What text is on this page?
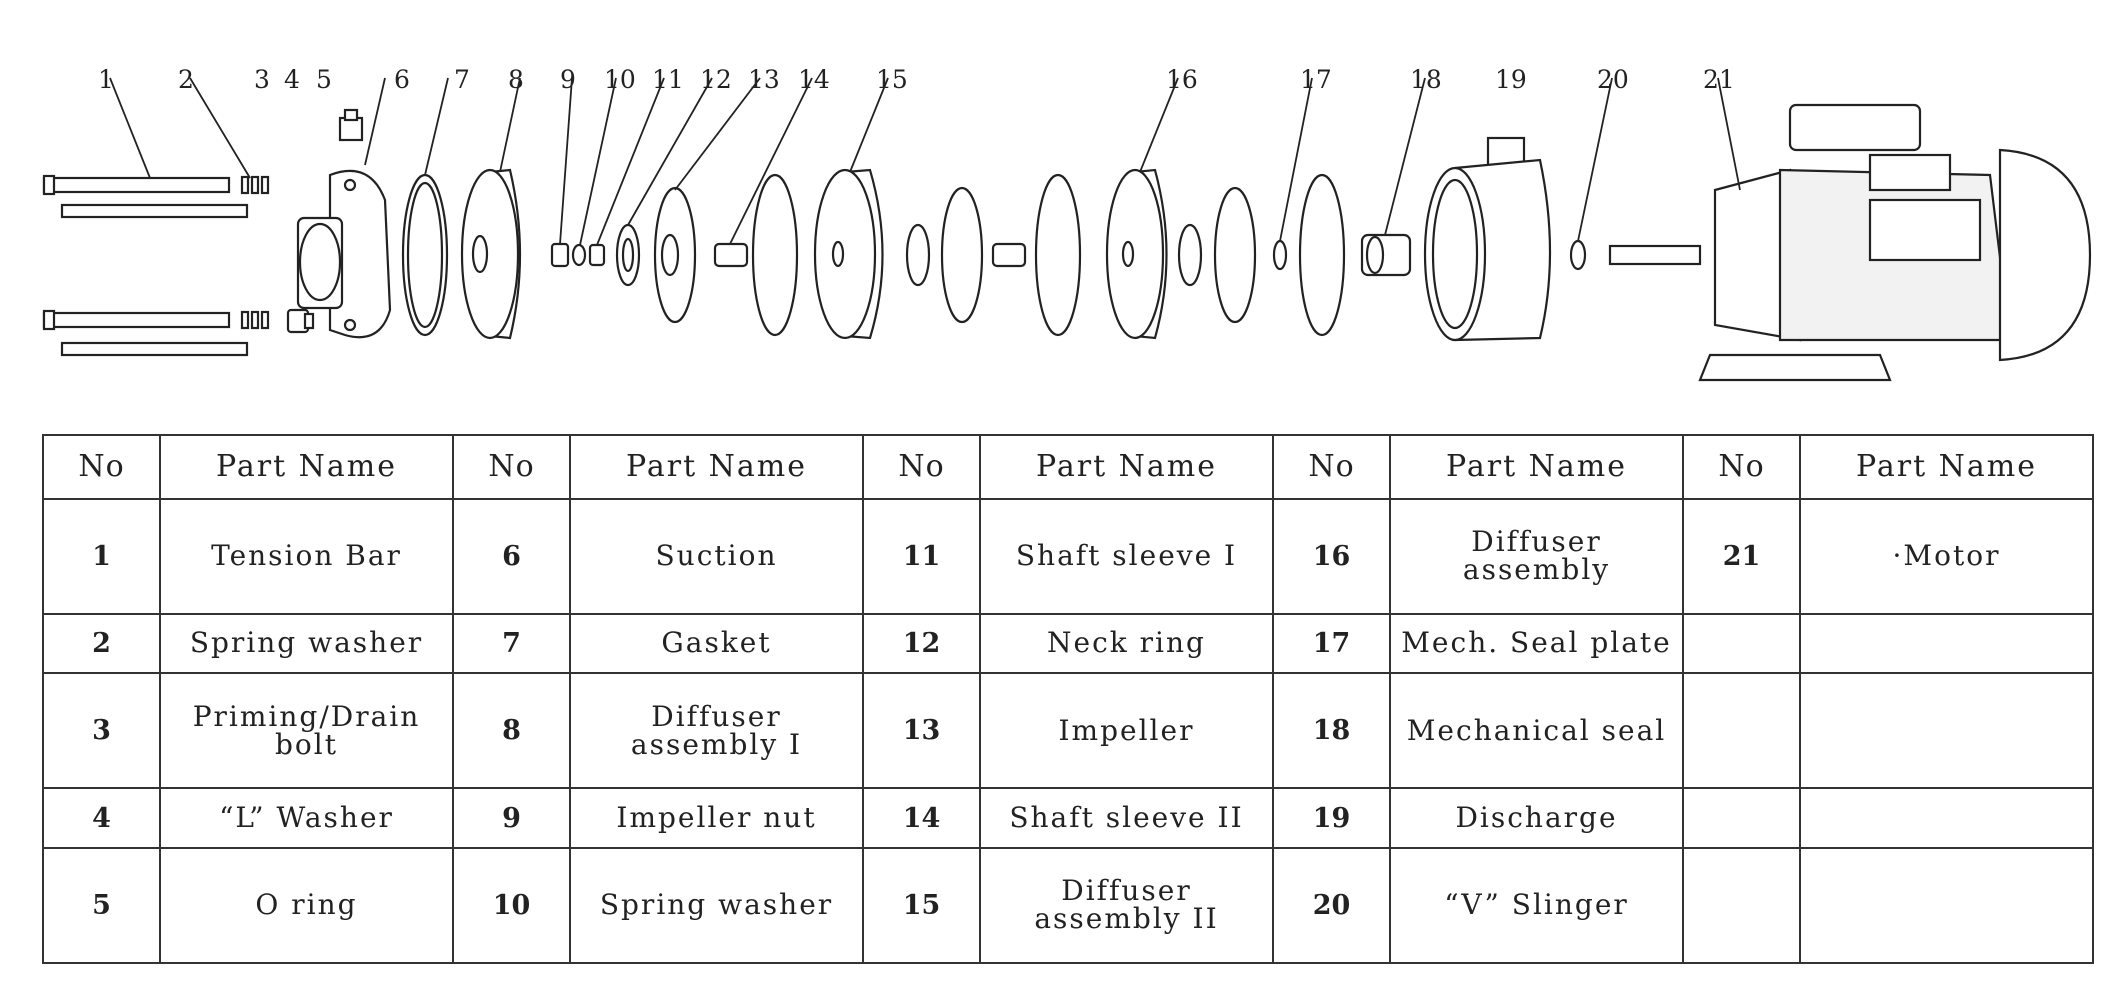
1	2 3 4 5 6 7 8 9 10 11 12 13 14 15	16	17	18 19	20	21
No	Part Name	No	Part Name	No	Part Name	No	Part Name	No	Part Name
1	Tension Bar	6	Suction	11	Shaft sleeve I	16	Diffuser assembly	21	·Motor
2	Spring washer	7	Gasket	12	Neck ring	17	Mech. Seal plate		
3	Priming/Drain bolt	8	Diffuser assembly I	13	Impeller	18	Mechanical seal		
4	“L” Washer	9	Impeller nut	14	Shaft sleeve II	19	Discharge		
5	O ring	10	Spring washer	15	Diffuser assembly II	20	“V” Slinger		
